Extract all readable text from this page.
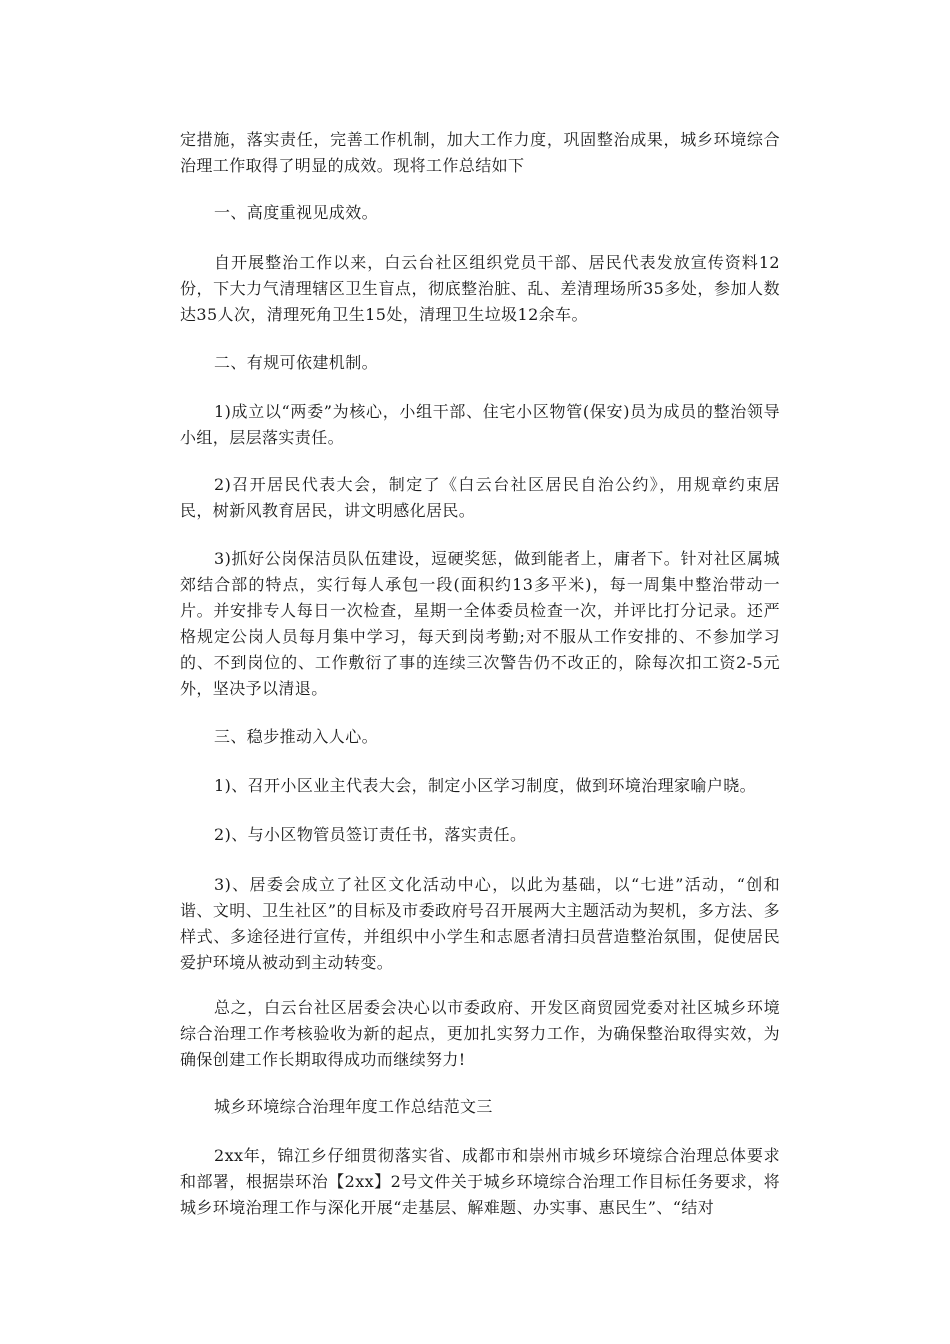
定措施，落实责任，完善工作机制，加大工作力度，巩固整治成果，城乡环境综合治理工作取得了明显的成效。现将工作总结如下

一、高度重视见成效。

自开展整治工作以来，白云台社区组织党员干部、居民代表发放宣传资料12份，下大力气清理辖区卫生盲点，彻底整治脏、乱、差清理场所35多处，参加人数达35人次，清理死角卫生15处，清理卫生垃圾12余车。

二、有规可依建机制。

1)成立以“两委”为核心，小组干部、住宅小区物管(保安)员为成员的整治领导小组，层层落实责任。

2)召开居民代表大会，制定了《白云台社区居民自治公约》，用规章约束居民，树新风教育居民，讲文明感化居民。

3)抓好公岗保洁员队伍建设，逗硬奖惩，做到能者上，庸者下。针对社区属城郊结合部的特点，实行每人承包一段(面积约13多平米)，每一周集中整治带动一片。并安排专人每日一次检查，星期一全体委员检查一次，并评比打分记录。还严格规定公岗人员每月集中学习，每天到岗考勤;对不服从工作安排的、不参加学习的、不到岗位的、工作敷衍了事的连续三次警告仍不改正的，除每次扣工资2-5元外，坚决予以清退。

三、稳步推动入人心。

1)、召开小区业主代表大会，制定小区学习制度，做到环境治理家喻户晓。

2)、与小区物管员签订责任书，落实责任。

3)、居委会成立了社区文化活动中心，以此为基础，以“七进”活动，“创和谐、文明、卫生社区”的目标及市委政府号召开展两大主题活动为契机，多方法、多样式、多途径进行宣传，并组织中小学生和志愿者清扫员营造整治氛围，促使居民爱护环境从被动到主动转变。

总之，白云台社区居委会决心以市委政府、开发区商贸园党委对社区城乡环境综合治理工作考核验收为新的起点，更加扎实努力工作，为确保整治取得实效，为确保创建工作长期取得成功而继续努力!

城乡环境综合治理年度工作总结范文三

2xx年，锦江乡仔细贯彻落实省、成都市和崇州市城乡环境综合治理总体要求和部署，根据崇环治【2xx】2号文件关于城乡环境综合治理工作目标任务要求，将城乡环境治理工作与深化开展“走基层、解难题、办实事、惠民生”、“结对
